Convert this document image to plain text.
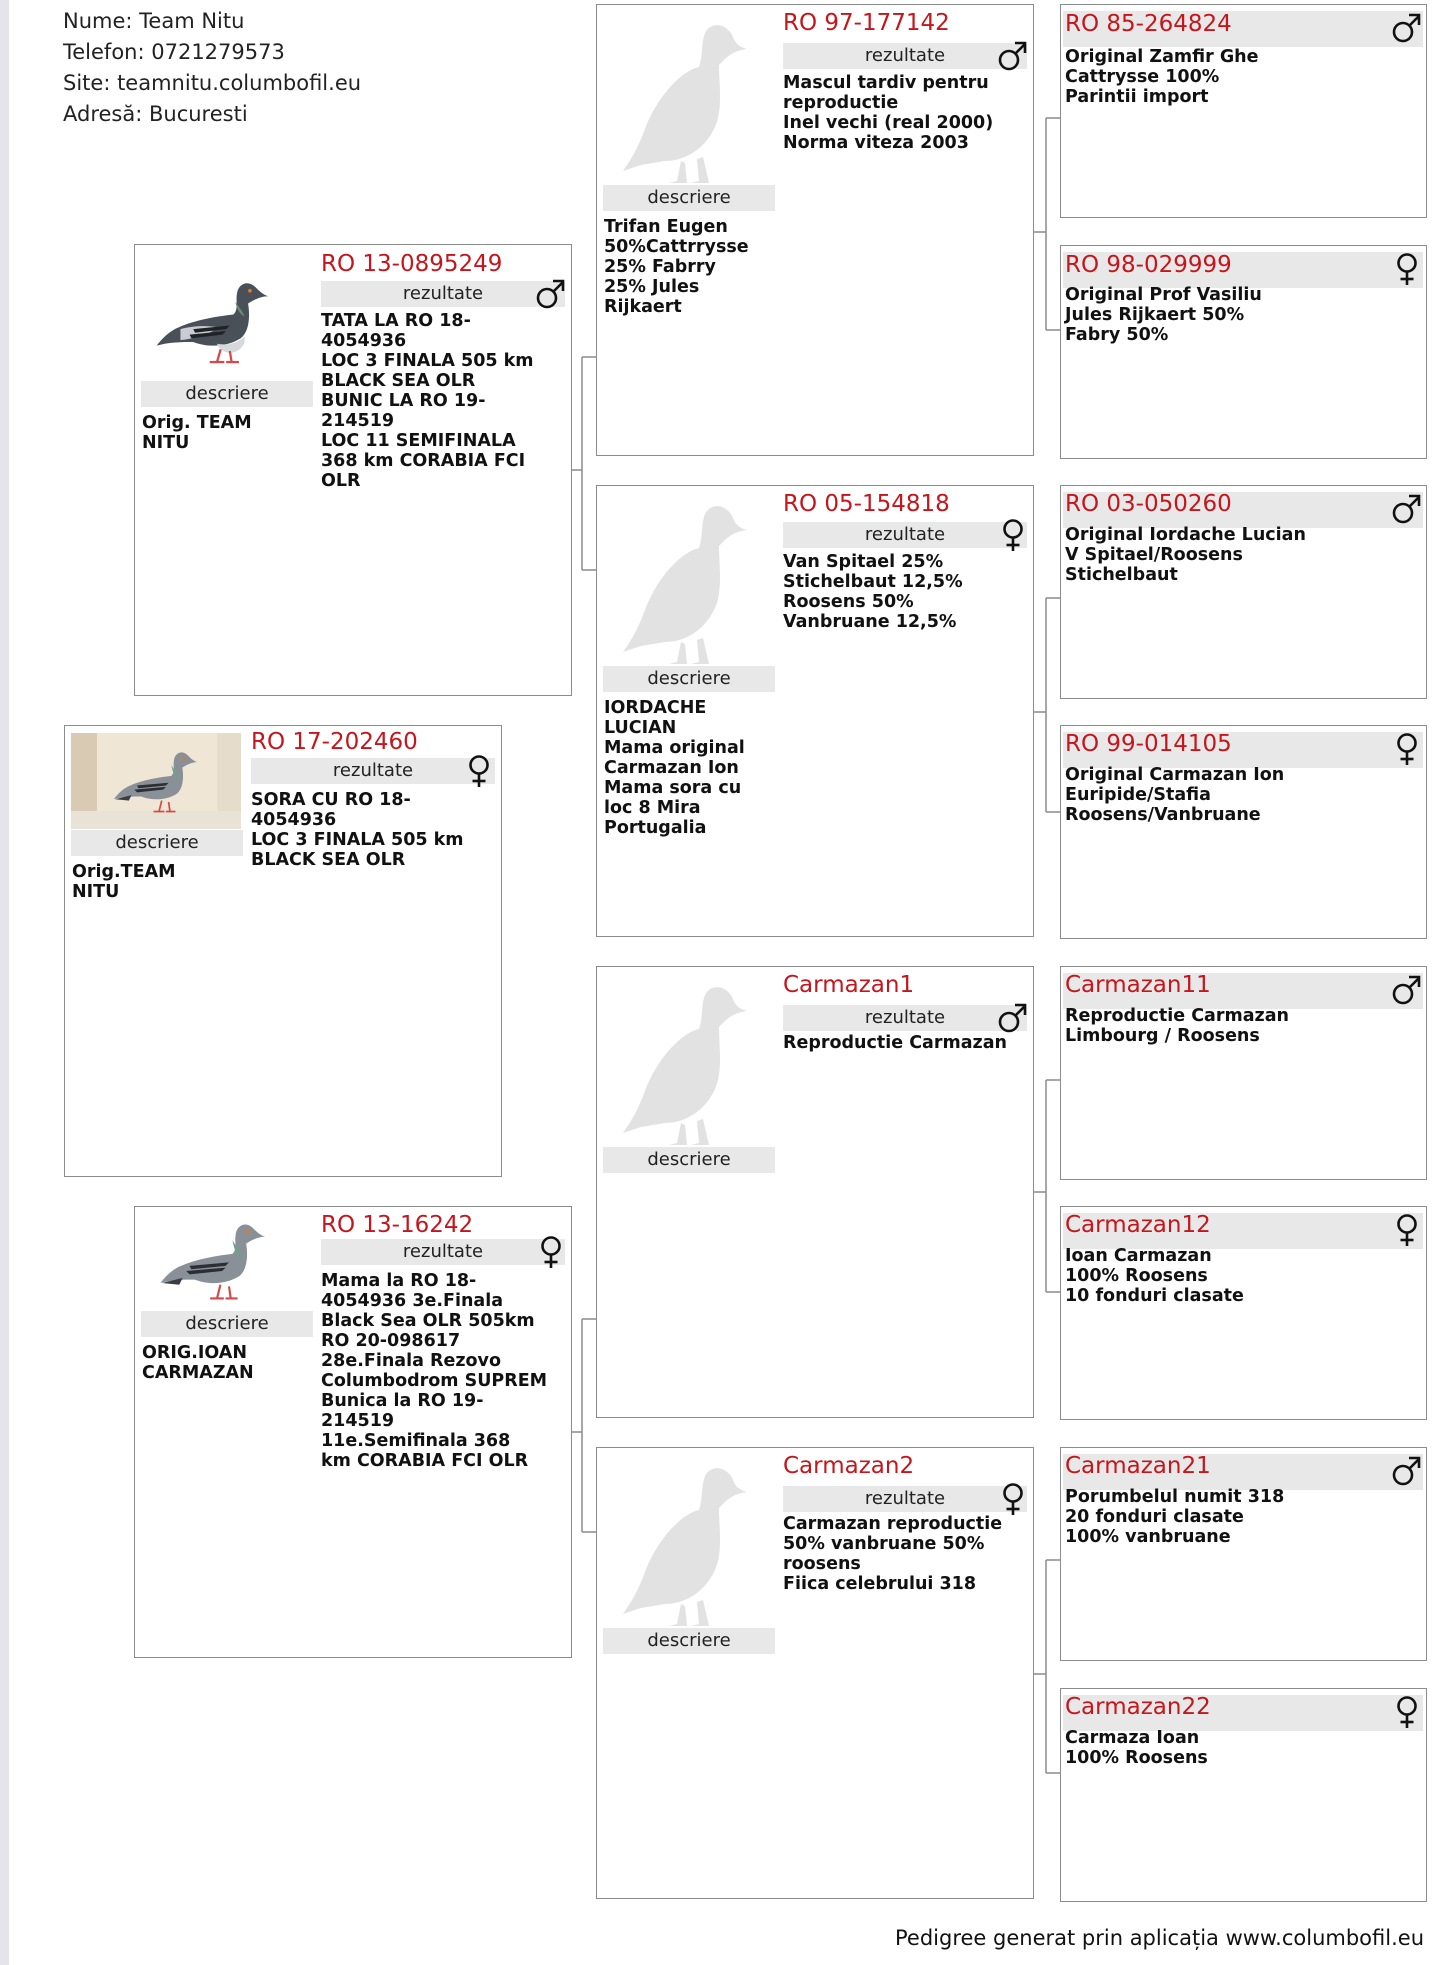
Nume: Team Nitu
Telefon: 0721279573
Site: teamnitu.columbofil.eu
Adresă: Bucuresti
descriere
Orig.TEAM
NITU
RO 17-202460
rezultate
SORA CU RO 18-
4054936
LOC 3 FINALA 505 km
BLACK SEA OLR
descriere
Orig. TEAM
NITU
RO 13-0895249
rezultate
TATA LA RO 18-
4054936
LOC 3 FINALA 505 km
BLACK SEA OLR
BUNIC LA RO 19-
214519
LOC 11 SEMIFINALA
368 km CORABIA FCI
OLR
descriere
ORIG.IOAN
CARMAZAN
RO 13-16242
rezultate
Mama la RO 18-
4054936 3e.Finala
Black Sea OLR 505km
RO 20-098617
28e.Finala Rezovo
Columbodrom SUPREM
Bunica la RO 19-
214519
11e.Semifinala 368
km CORABIA FCI OLR
descriere
Trifan Eugen
50%Cattrrysse
25% Fabrry
25% Jules
Rijkaert
RO 97-177142
rezultate
Mascul tardiv pentru
reproductie
Inel vechi (real 2000)
Norma viteza 2003
descriere
IORDACHE
LUCIAN
Mama original
Carmazan Ion
Mama sora cu
loc 8 Mira
Portugalia
RO 05-154818
rezultate
Van Spitael 25%
Stichelbaut 12,5%
Roosens 50%
Vanbruane 12,5%
descriere
Carmazan1
rezultate
Reproductie Carmazan
descriere
Carmazan2
rezultate
Carmazan reproductie
50% vanbruane 50%
roosens
Fiica celebrului 318
RO 85-264824
Original Zamfir Ghe
Cattrysse 100%
Parintii import
RO 98-029999
Original Prof Vasiliu
Jules Rijkaert 50%
Fabry 50%
RO 03-050260
Original Iordache Lucian
V Spitael/Roosens
Stichelbaut
RO 99-014105
Original Carmazan Ion
Euripide/Stafia
Roosens/Vanbruane
Carmazan11
Reproductie Carmazan
Limbourg / Roosens
Carmazan12
Ioan Carmazan
100% Roosens
10 fonduri clasate
Carmazan21
Porumbelul numit 318
20 fonduri clasate
100% vanbruane
Carmazan22
Carmaza Ioan
100% Roosens
Pedigree generat prin aplicația www.columbofil.eu
